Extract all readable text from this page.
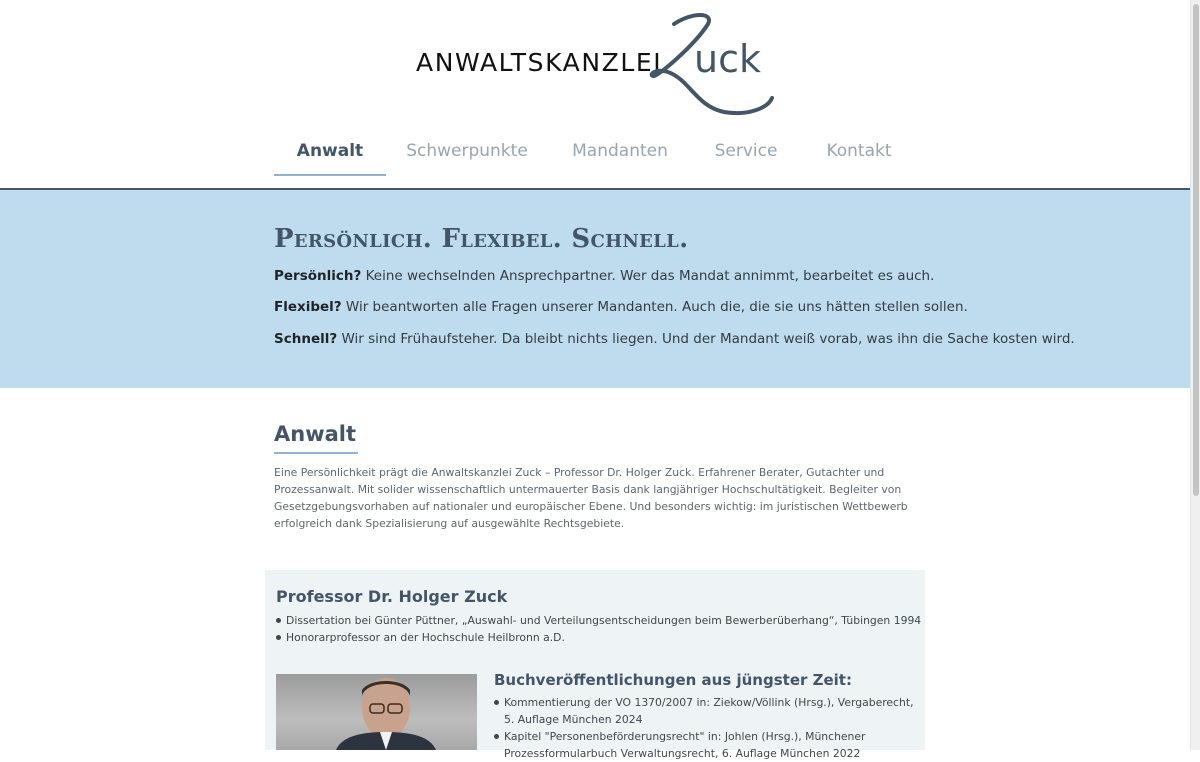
ANWALTSKANZLEI uck
Anwalt	Schwerpunkte	Mandanten	Service	Kontakt
Persönlich. Flexibel. Schnell.

Persönlich? Keine wechselnden Ansprechpartner. Wer das Mandat annimmt, bearbeitet es auch.

Flexibel? Wir beantworten alle Fragen unserer Mandanten. Auch die, die sie uns hätten stellen sollen.

Schnell? Wir sind Frühaufsteher. Da bleibt nichts liegen. Und der Mandant weiß vorab, was ihn die Sache kosten wird.

Anwalt

Eine Persönlichkeit prägt die Anwaltskanzlei Zuck – Professor Dr. Holger Zuck. Erfahrener Berater, Gutachter und Prozessanwalt. Mit solider wissenschaftlich untermauerter Basis dank langjähriger Hochschultätigkeit. Begleiter von Gesetzgebungsvorhaben auf nationaler und europäischer Ebene. Und besonders wichtig: im juristischen Wettbewerb erfolgreich dank Spezialisierung auf ausgewählte Rechtsgebiete.

Professor Dr. Holger Zuck
Dissertation bei Günter Püttner, „Auswahl- und Verteilungsentscheidungen beim Bewerberüberhang“, Tübingen 1994
Honorarprofessor an der Hochschule Heilbronn a.D.
Buchveröffentlichungen aus jüngster Zeit:
Kommentierung der VO 1370/2007 in: Ziekow/Völlink (Hrsg.), Vergaberecht, 5. Auflage München 2024
Kapitel "Personenbeförderungsrecht" in: Johlen (Hrsg.), Münchener Prozessformularbuch Verwaltungsrecht, 6. Auflage München 2022
